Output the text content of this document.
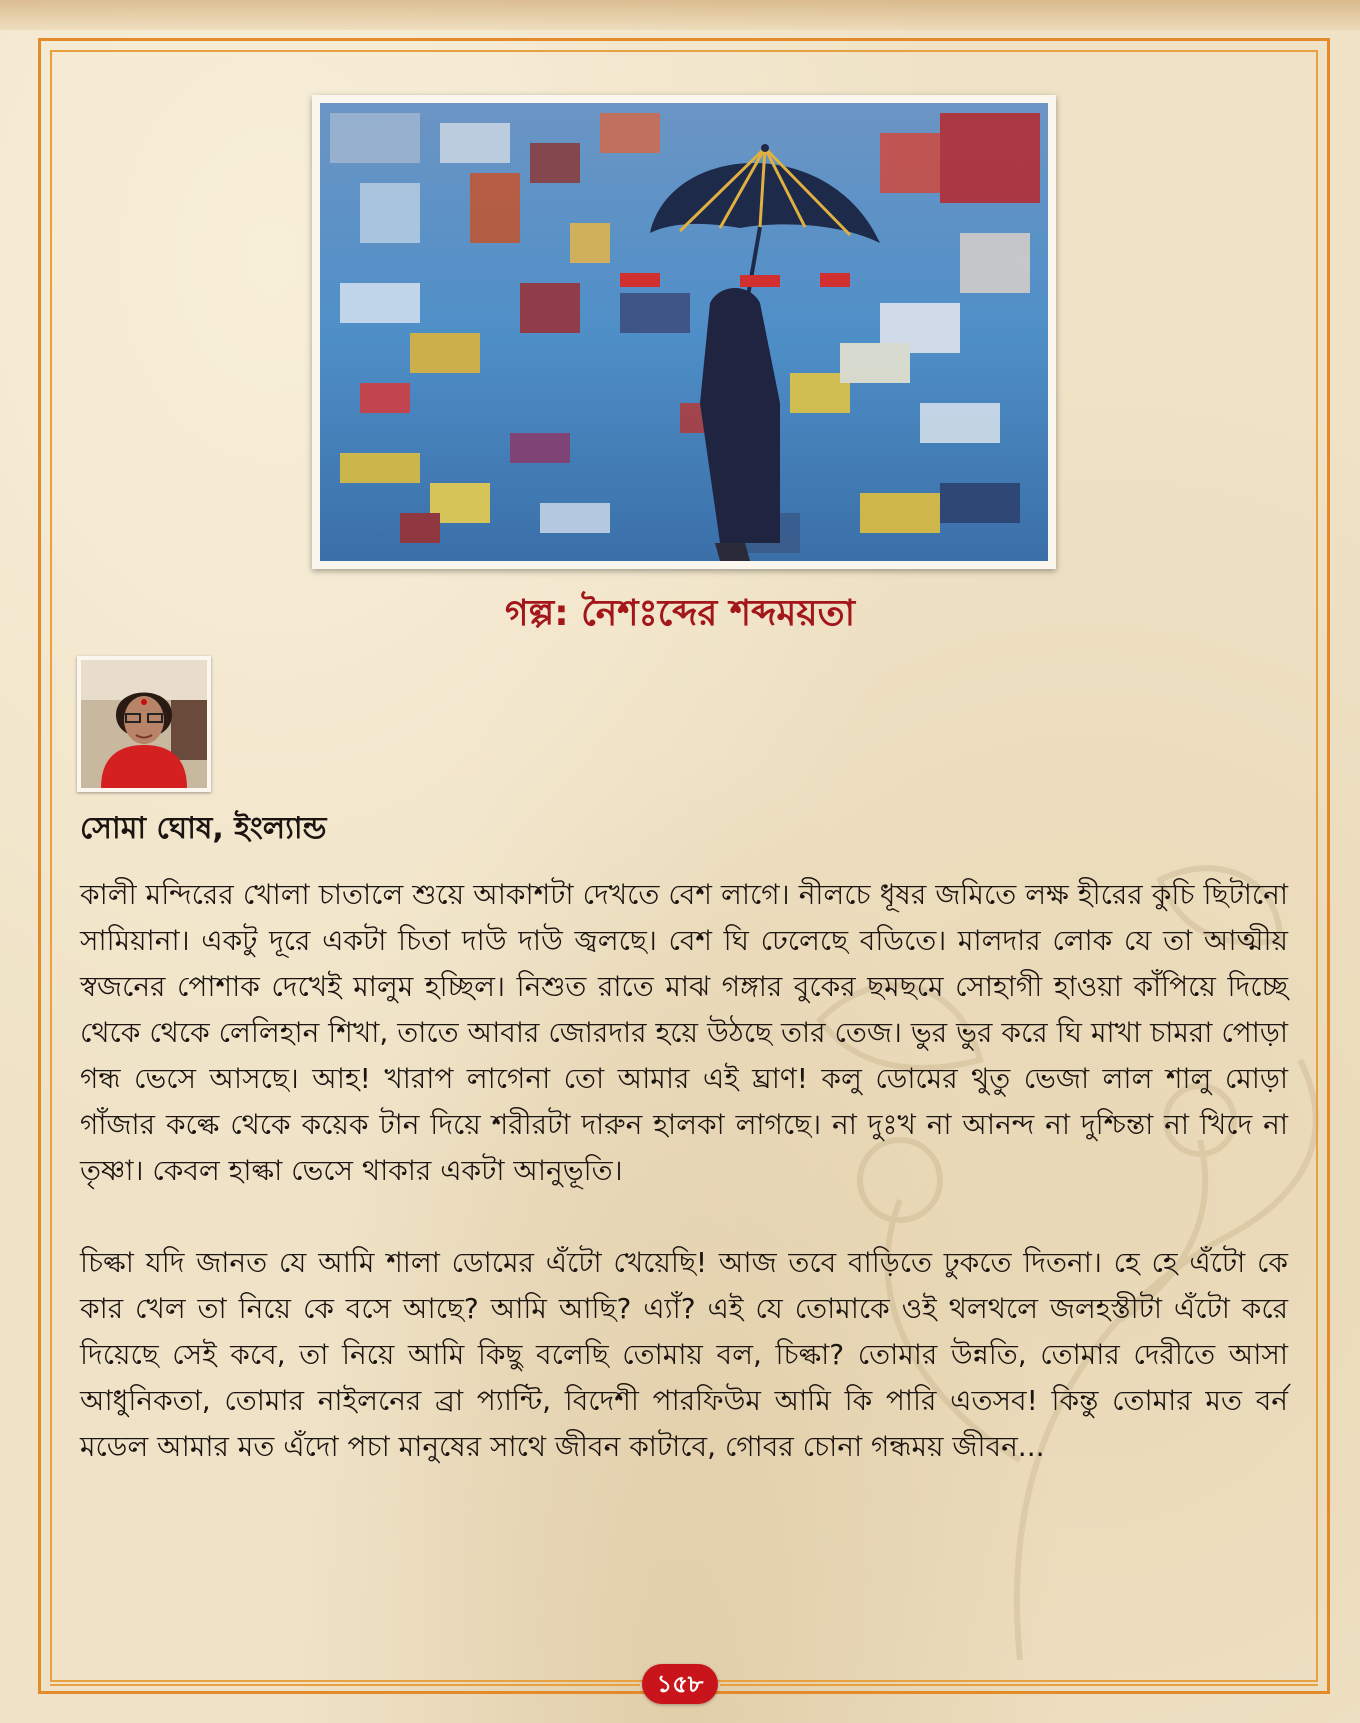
গল্প: নৈশঃব্দের শব্দময়তা
সোমা ঘোষ, ইংল্যান্ড

কালী মন্দিরের খোলা চাতালে শুয়ে আকাশটা দেখতে বেশ লাগে। নীলচে ধূষর জমিতে লক্ষ হীরের কুচি ছিটানো সামিয়ানা। একটু দূরে একটা চিতা দাউ দাউ জ্বলছে। বেশ ঘি ঢেলেছে বডিতে। মালদার লোক যে তা আত্মীয় স্বজনের পোশাক দেখেই মালুম হচ্ছিল। নিশুত রাতে মাঝ গঙ্গার বুকের ছমছমে সোহাগী হাওয়া কাঁপিয়ে দিচ্ছে থেকে থেকে লেলিহান শিখা, তাতে আবার জোরদার হয়ে উঠছে তার তেজ। ভুর ভুর করে ঘি মাখা চামরা পোড়া গন্ধ ভেসে আসছে। আহ! খারাপ লাগেনা তো আমার এই ঘ্রাণ! কলু ডোমের থুতু ভেজা লাল শালু মোড়া গাঁজার কল্কে থেকে কয়েক টান দিয়ে শরীরটা দারুন হালকা লাগছে। না দুঃখ না আনন্দ না দুশ্চিন্তা না খিদে না তৃষ্ণা। কেবল হাল্কা ভেসে থাকার একটা আনুভূতি।

চিল্কা যদি জানত যে আমি শালা ডোমের এঁটো খেয়েছি! আজ তবে বাড়িতে ঢুকতে দিতনা। হে হে এঁটো কে কার খেল তা নিয়ে কে বসে আছে? আমি আছি? এ্যাঁ? এই যে তোমাকে ওই থলথলে জলহস্তীটা এঁটো করে দিয়েছে সেই কবে, তা নিয়ে আমি কিছু বলেছি তোমায় বল, চিল্কা? তোমার উন্নতি, তোমার দেরীতে আসা আধুনিকতা, তোমার নাইলনের ব্রা প্যান্টি, বিদেশী পারফিউম আমি কি পারি এতসব! কিন্তু তোমার মত বর্ন মডেল আমার মত এঁদো পচা মানুষের সাথে জীবন কাটাবে, গোবর চোনা গন্ধময় জীবন...

১৫৮
